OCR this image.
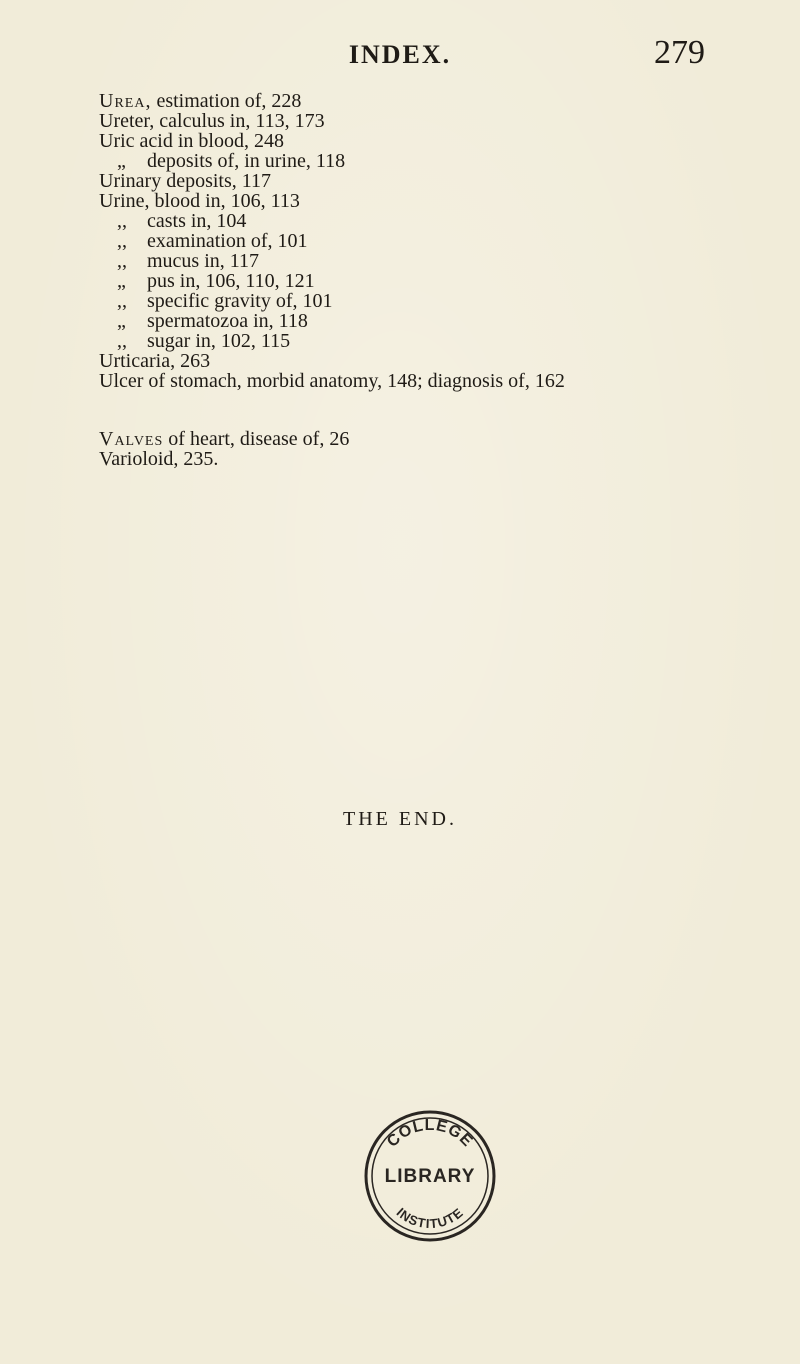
INDEX.	279
Urea, estimation of, 228
Ureter, calculus in, 113, 173
Uric acid in blood, 248
„ deposits of, in urine, 118
Urinary deposits, 117
Urine, blood in, 106, 113
,, casts in, 104
,, examination of, 101
,, mucus in, 117
„ pus in, 106, 110, 121
,, specific gravity of, 101
„ spermatozoa in, 118
,, sugar in, 102, 115
Urticaria, 263
Ulcer of stomach, morbid anatomy, 148; diagnosis of, 162
Valves of heart, disease of, 26
Varioloid, 235.
THE END.
COLLEGE
LIBRARY
INSTITUTE
